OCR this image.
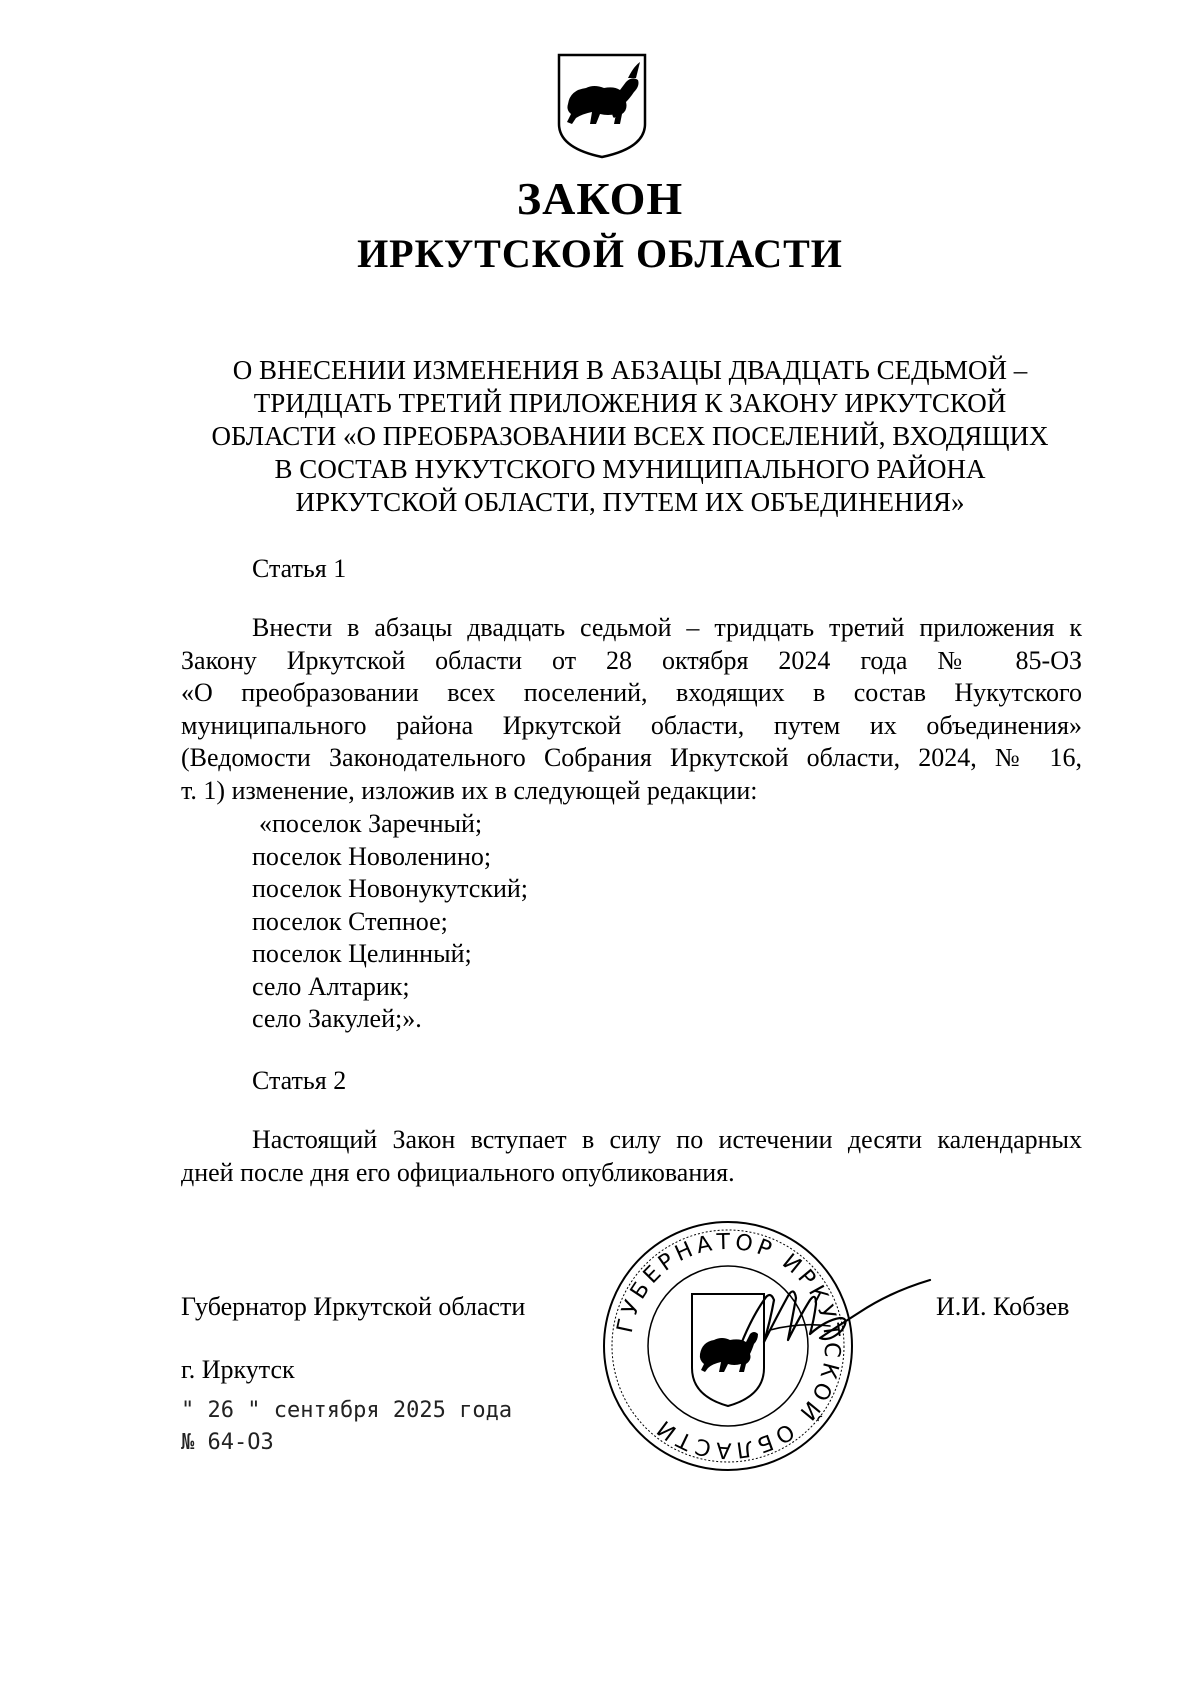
ЗАКОН
ИРКУТСКОЙ ОБЛАСТИ
О ВНЕСЕНИИ ИЗМЕНЕНИЯ В АБЗАЦЫ ДВАДЦАТЬ СЕДЬМОЙ –
ТРИДЦАТЬ ТРЕТИЙ ПРИЛОЖЕНИЯ К ЗАКОНУ ИРКУТСКОЙ
ОБЛАСТИ «О ПРЕОБРАЗОВАНИИ ВСЕХ ПОСЕЛЕНИЙ, ВХОДЯЩИХ
В СОСТАВ НУКУТСКОГО МУНИЦИПАЛЬНОГО РАЙОНА
ИРКУТСКОЙ ОБЛАСТИ, ПУТЕМ ИХ ОБЪЕДИНЕНИЯ»

Статья 1

Внести в абзацы двадцать седьмой – тридцать третий приложения к
Закону Иркутской области от 28 октября 2024 года № 85-ОЗ
«О преобразовании всех поселений, входящих в состав Нукутского
муниципального района Иркутской области, путем их объединения»
(Ведомости Законодательного Собрания Иркутской области, 2024, № 16,
т. 1) изменение, изложив их в следующей редакции:
«поселок Заречный;
поселок Новоленино;
поселок Новонукутский;
поселок Степное;
поселок Целинный;
село Алтарик;
село Закулей;».

Статья 2

Настоящий Закон вступает в силу по истечении десяти календарных
дней после дня его официального опубликования.
ГУБЕРНАТОР ИРКУТСКОЙ ОБЛАСТИ

Губернатор Иркутской области	И.И. Кобзев

г. Иркутск

" 26 " сентября 2025 года

№ 64-ОЗ
